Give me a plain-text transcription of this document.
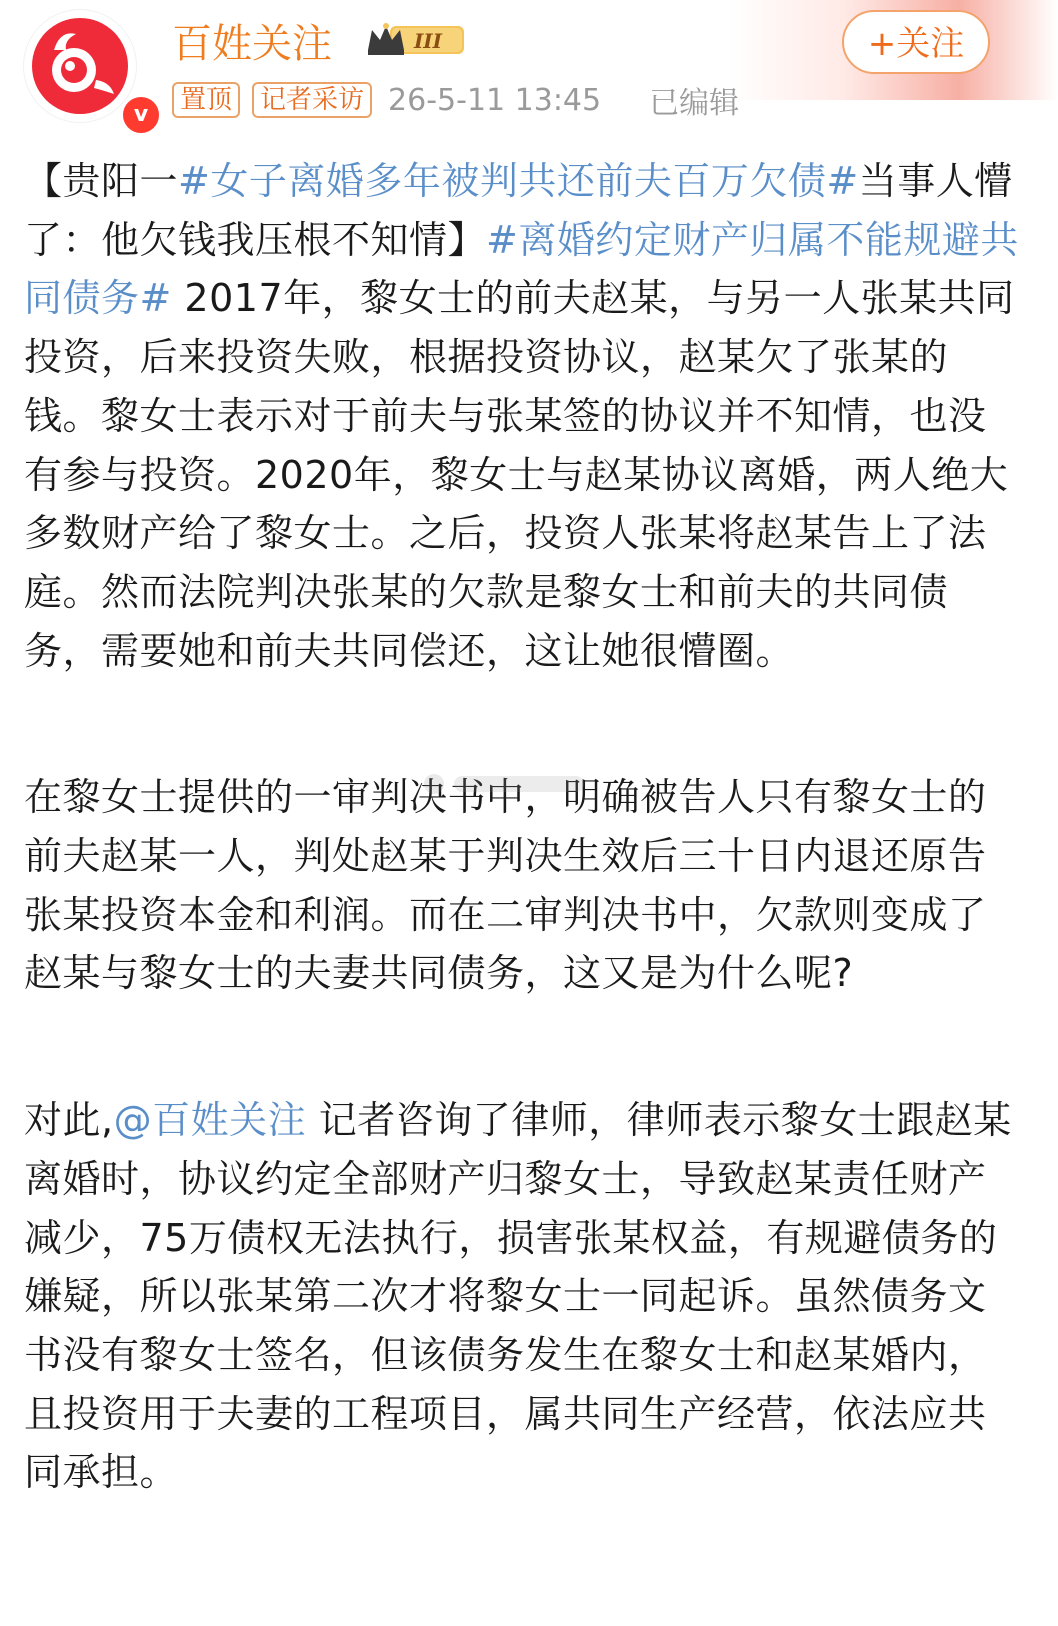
v
百姓关注	III
置顶	记者采访 26-5-11 13:45 已编辑
+关注

【贵阳一#女子离婚多年被判共还前夫百万欠债#当事人懵了：他欠钱我压根不知情】#离婚约定财产归属不能规避共同债务# 2017年，黎女士的前夫赵某，与另一人张某共同投资，后来投资失败，根据投资协议，赵某欠了张某的钱。黎女士表示对于前夫与张某签的协议并不知情，也没有参与投资。2020年，黎女士与赵某协议离婚，两人绝大多数财产给了黎女士。之后，投资人张某将赵某告上了法庭。然而法院判决张某的欠款是黎女士和前夫的共同债务，需要她和前夫共同偿还，这让她很懵圈。

在黎女士提供的一审判决书中，明确被告人只有黎女士的前夫赵某一人，判处赵某于判决生效后三十日内退还原告张某投资本金和利润。而在二审判决书中，欠款则变成了赵某与黎女士的夫妻共同债务，这又是为什么呢?

对此,@百姓关注 记者咨询了律师，律师表示黎女士跟赵某离婚时，协议约定全部财产归黎女士，导致赵某责任财产减少，75万债权无法执行，损害张某权益，有规避债务的嫌疑，所以张某第二次才将黎女士一同起诉。虽然债务文书没有黎女士签名，但该债务发生在黎女士和赵某婚内，且投资用于夫妻的工程项目，属共同生产经营，依法应共同承担。
